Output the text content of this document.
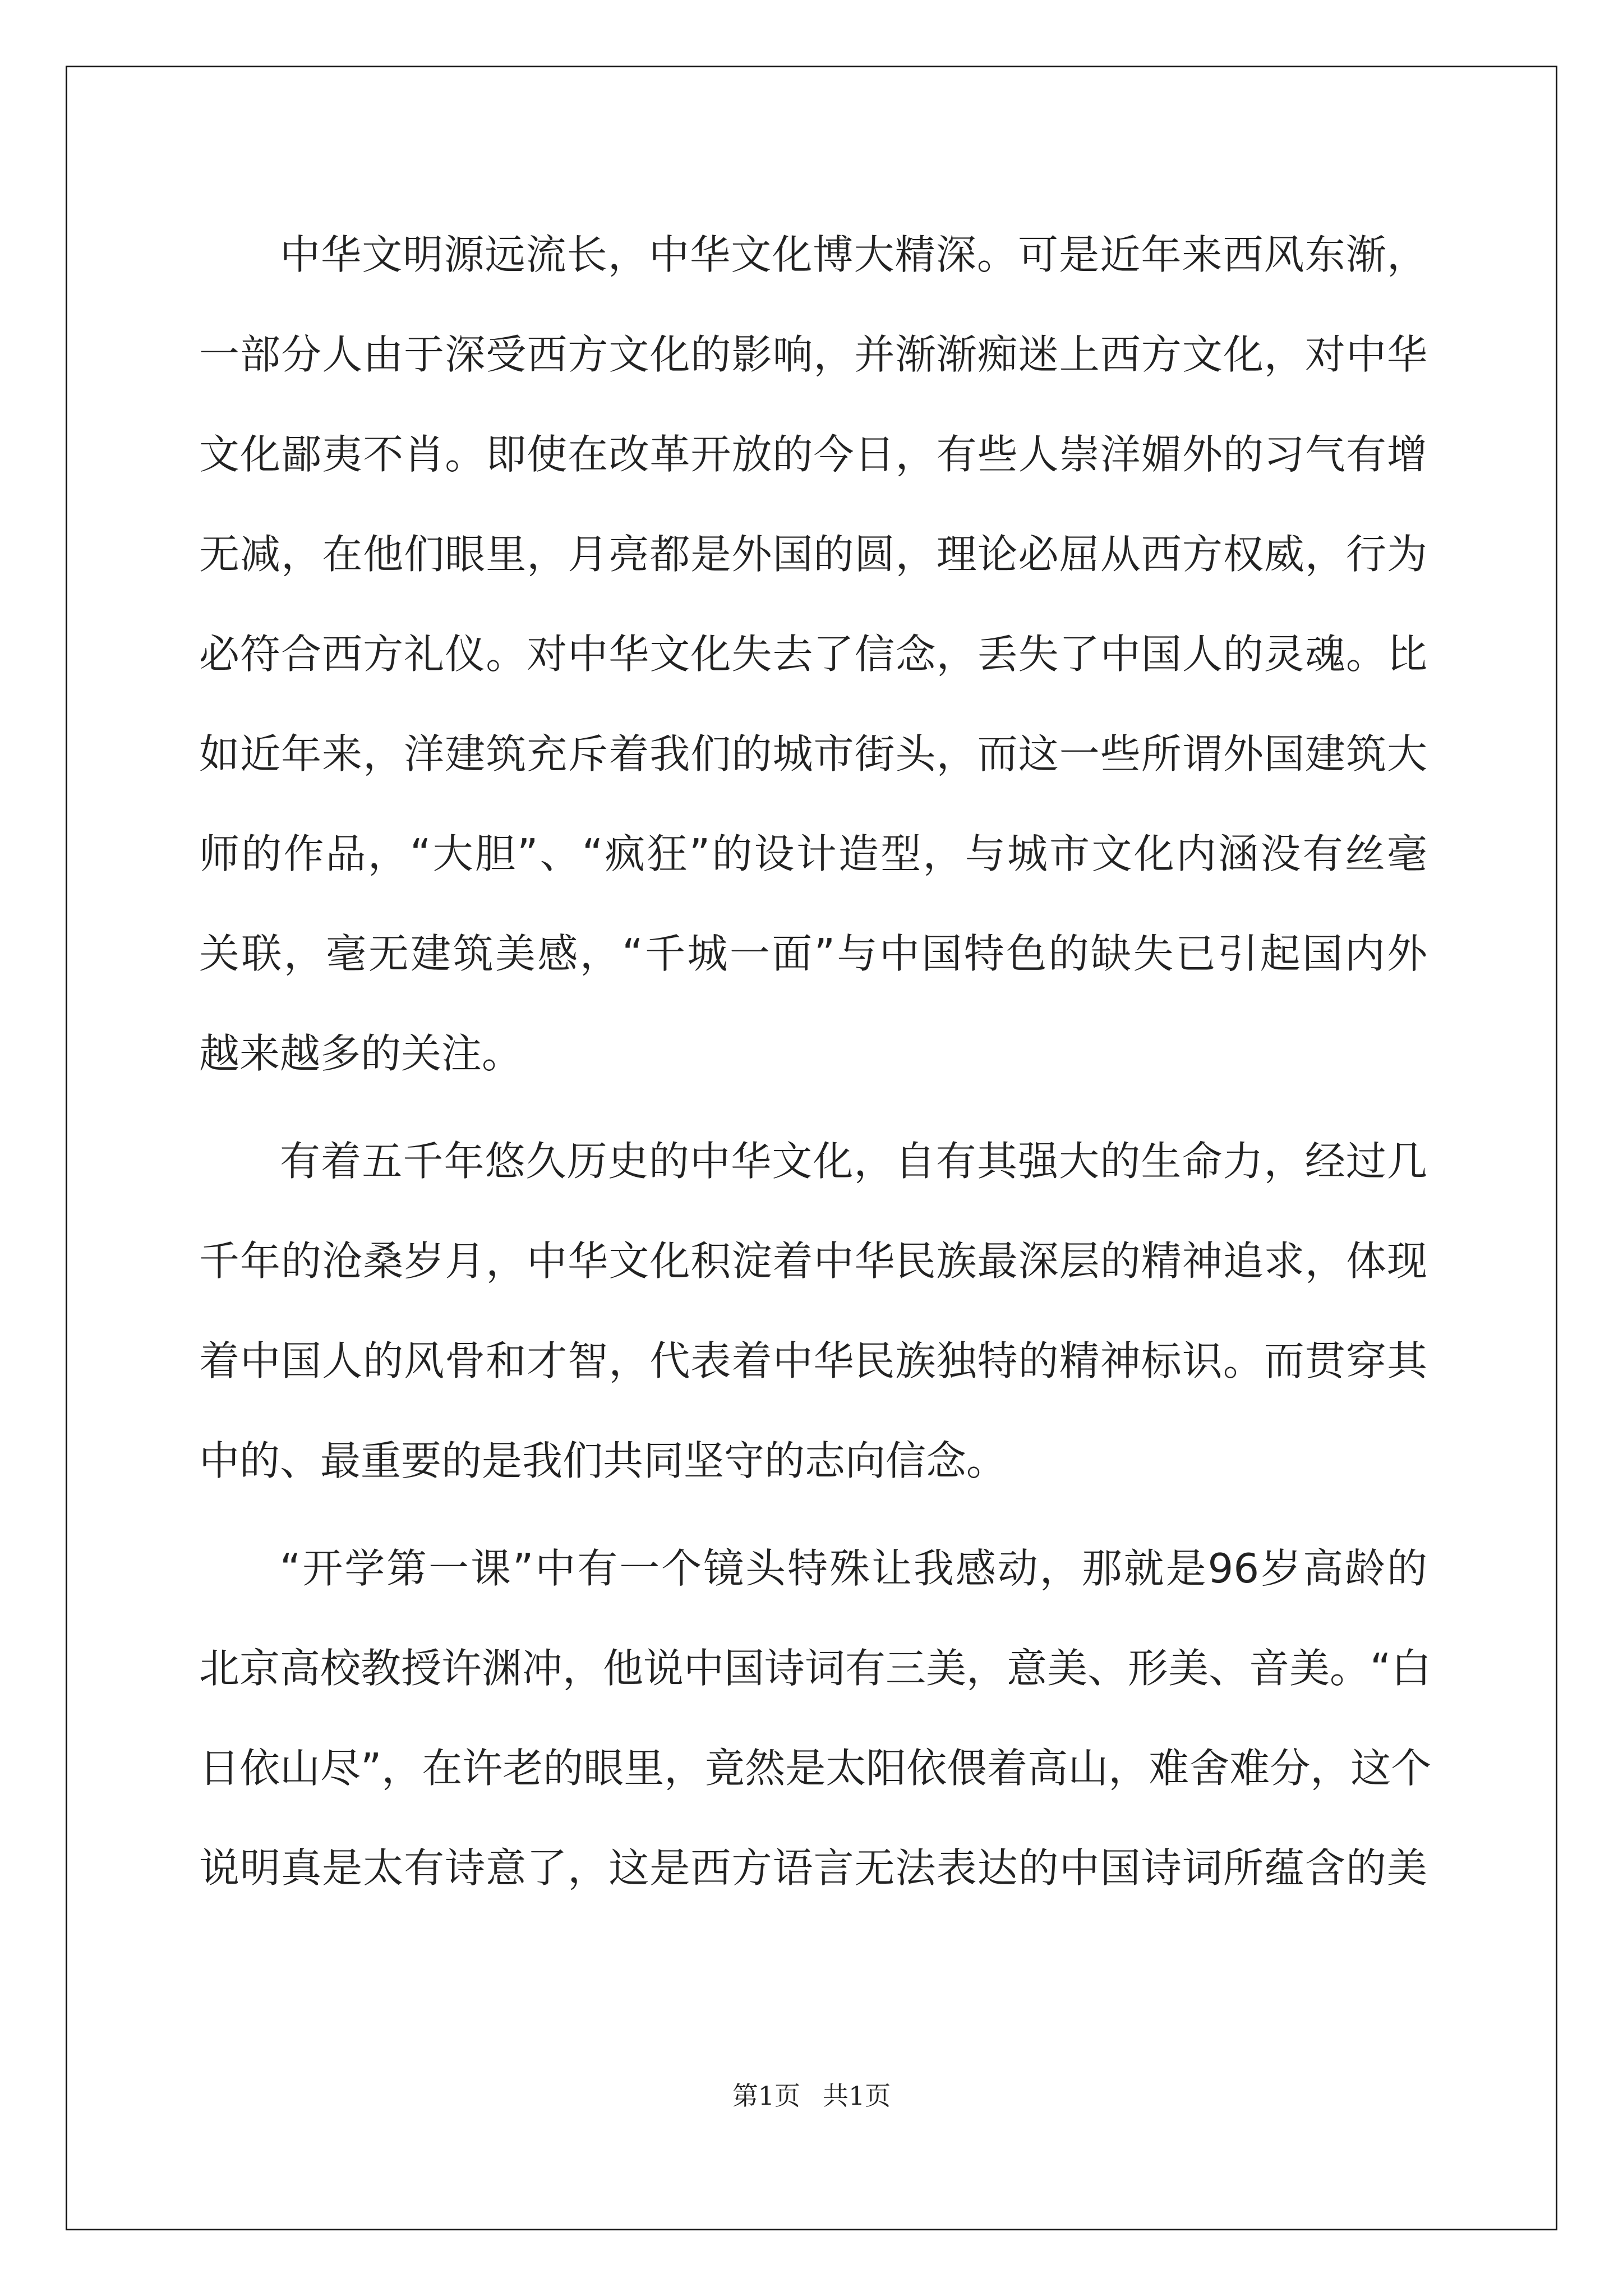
中华文明源远流长，中华文化博大精深。可是近年来西风东渐，
一部分人由于深受西方文化的影响，并渐渐痴迷上西方文化，对中华
文化鄙夷不肖。即使在改革开放的今日，有些人崇洋媚外的习气有增
无减，在他们眼里，月亮都是外国的圆，理论必屈从西方权威，行为
必符合西方礼仪。对中华文化失去了信念，丢失了中国人的灵魂。比
如近年来，洋建筑充斥着我们的城市街头，而这一些所谓外国建筑大
师的作品，“大胆”、“疯狂”的设计造型，与城市文化内涵没有丝毫
关联，毫无建筑美感，“千城一面”与中国特色的缺失已引起国内外
越来越多的关注。
有着五千年悠久历史的中华文化，自有其强大的生命力，经过几
千年的沧桑岁月，中华文化积淀着中华民族最深层的精神追求，体现
着中国人的风骨和才智，代表着中华民族独特的精神标识。而贯穿其
中的、最重要的是我们共同坚守的志向信念。
“开学第一课”中有一个镜头特殊让我感动，那就是96岁高龄的
北京高校教授许渊冲，他说中国诗词有三美，意美、形美、音美。“白
日依山尽”，在许老的眼里，竟然是太阳依偎着高山，难舍难分，这个
说明真是太有诗意了，这是西方语言无法表达的中国诗词所蕴含的美
第1页 共1页
